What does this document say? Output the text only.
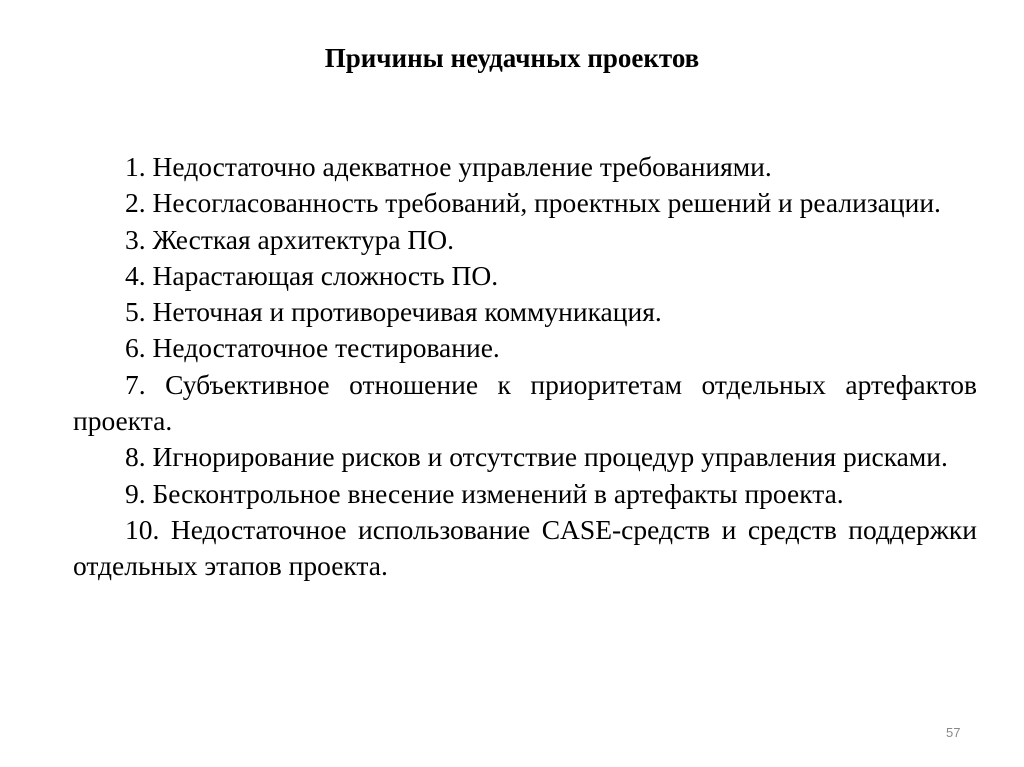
Причины неудачных проектов

1. Недостаточно адекватное управление требованиями.

2. Несогласованность требований, проектных решений и реализации.

3. Жесткая архитектура ПО.

4. Нарастающая сложность ПО.

5. Неточная и противоречивая коммуникация.

6. Недостаточное тестирование.

7. Субъективное отношение к приоритетам отдельных артефактов проекта.

8. Игнорирование рисков и отсутствие процедур управления рисками.

9. Бесконтрольное внесение изменений в артефакты проекта.

10. Недостаточное использование CASE-средств и средств поддержки отдельных этапов проекта.

57
